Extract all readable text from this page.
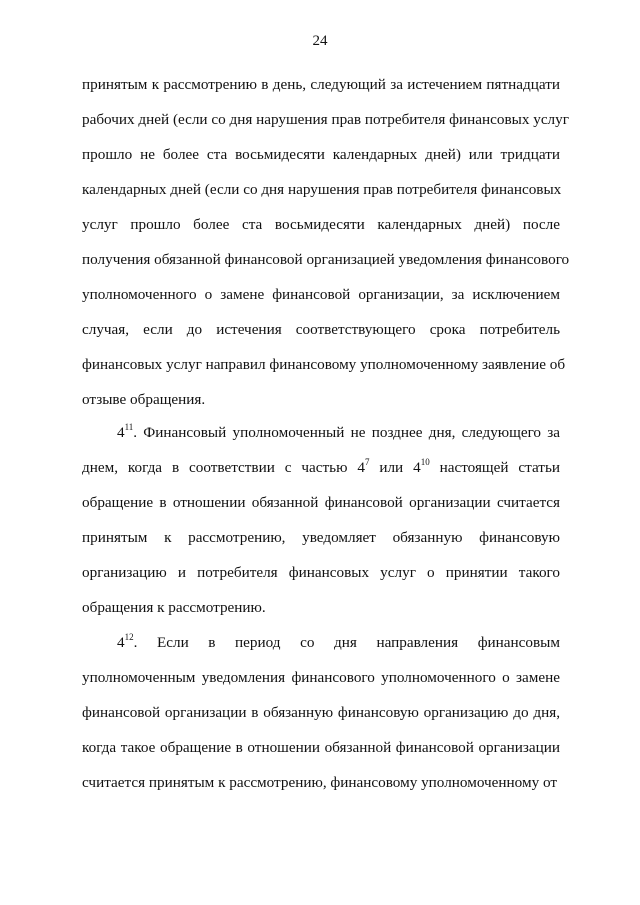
24
принятым к рассмотрению в день, следующий за истечением пятнадцати
рабочих дней (если со дня нарушения прав потребителя финансовых услуг
прошло не более ста восьмидесяти календарных дней) или тридцати
календарных дней (если со дня нарушения прав потребителя финансовых
услуг прошло более ста восьмидесяти календарных дней) после
получения обязанной финансовой организацией уведомления финансового
уполномоченного о замене финансовой организации, за исключением
случая, если до истечения соответствующего срока потребитель
финансовых услуг направил финансовому уполномоченному заявление об
отзыве обращения.
$4^{11}$. Финансовый уполномоченный не позднее дня, следующего за
днем, когда в соответствии с частью $4^7$ или $4^{10}$ настоящей статьи
обращение в отношении обязанной финансовой организации считается
принятым к рассмотрению, уведомляет обязанную финансовую
организацию и потребителя финансовых услуг о принятии такого
обращения к рассмотрению.
$4^{12}$. Если в период со дня направления финансовым
уполномоченным уведомления финансового уполномоченного о замене
финансовой организации в обязанную финансовую организацию до дня,
когда такое обращение в отношении обязанной финансовой организации
считается принятым к рассмотрению, финансовому уполномоченному от
